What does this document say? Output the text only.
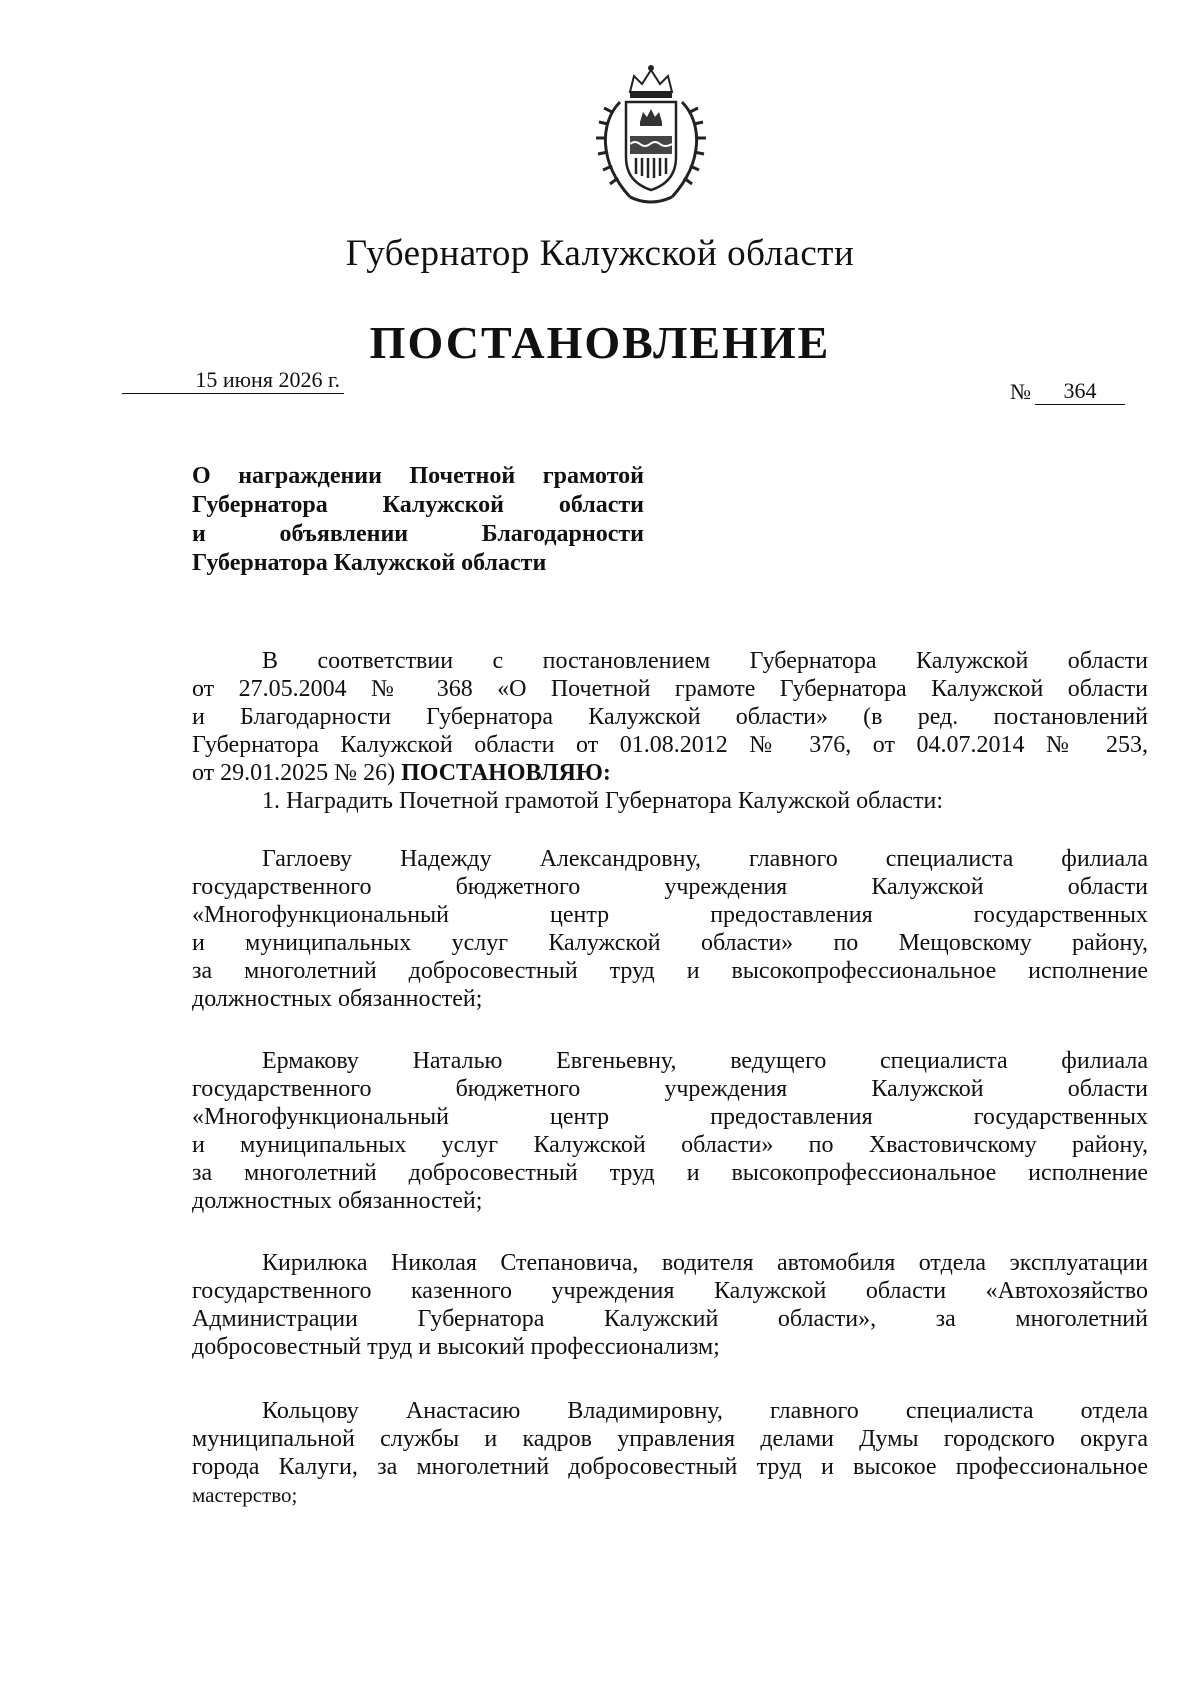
Губернатор Калужской области
ПОСТАНОВЛЕНИЕ
15 июня 2026 г.	№	364
О награждении Почетной грамотой
Губернатора Калужской области
и объявлении Благодарности
Губернатора Калужской области
В соответствии с постановлением Губернатора Калужской области
от 27.05.2004 № 368 «О Почетной грамоте Губернатора Калужской области
и Благодарности Губернатора Калужской области» (в ред. постановлений
Губернатора Калужской области от 01.08.2012 № 376, от 04.07.2014 № 253,
от 29.01.2025 № 26) ПОСТАНОВЛЯЮ:
1. Наградить Почетной грамотой Губернатора Калужской области:
Гаглоеву Надежду Александровну, главного специалиста филиала
государственного бюджетного учреждения Калужской области
«Многофункциональный центр предоставления государственных
и муниципальных услуг Калужской области» по Мещовскому району,
за многолетний добросовестный труд и высокопрофессиональное исполнение
должностных обязанностей;
Ермакову Наталью Евгеньевну, ведущего специалиста филиала
государственного бюджетного учреждения Калужской области
«Многофункциональный центр предоставления государственных
и муниципальных услуг Калужской области» по Хвастовичскому району,
за многолетний добросовестный труд и высокопрофессиональное исполнение
должностных обязанностей;
Кирилюка Николая Степановича, водителя автомобиля отдела эксплуатации
государственного казенного учреждения Калужской области «Автохозяйство
Администрации Губернатора Калужский области», за многолетний
добросовестный труд и высокий профессионализм;
Кольцову Анастасию Владимировну, главного специалиста отдела
муниципальной службы и кадров управления делами Думы городского округа
города Калуги, за многолетний добросовестный труд и высокое профессиональное
мастерство;
